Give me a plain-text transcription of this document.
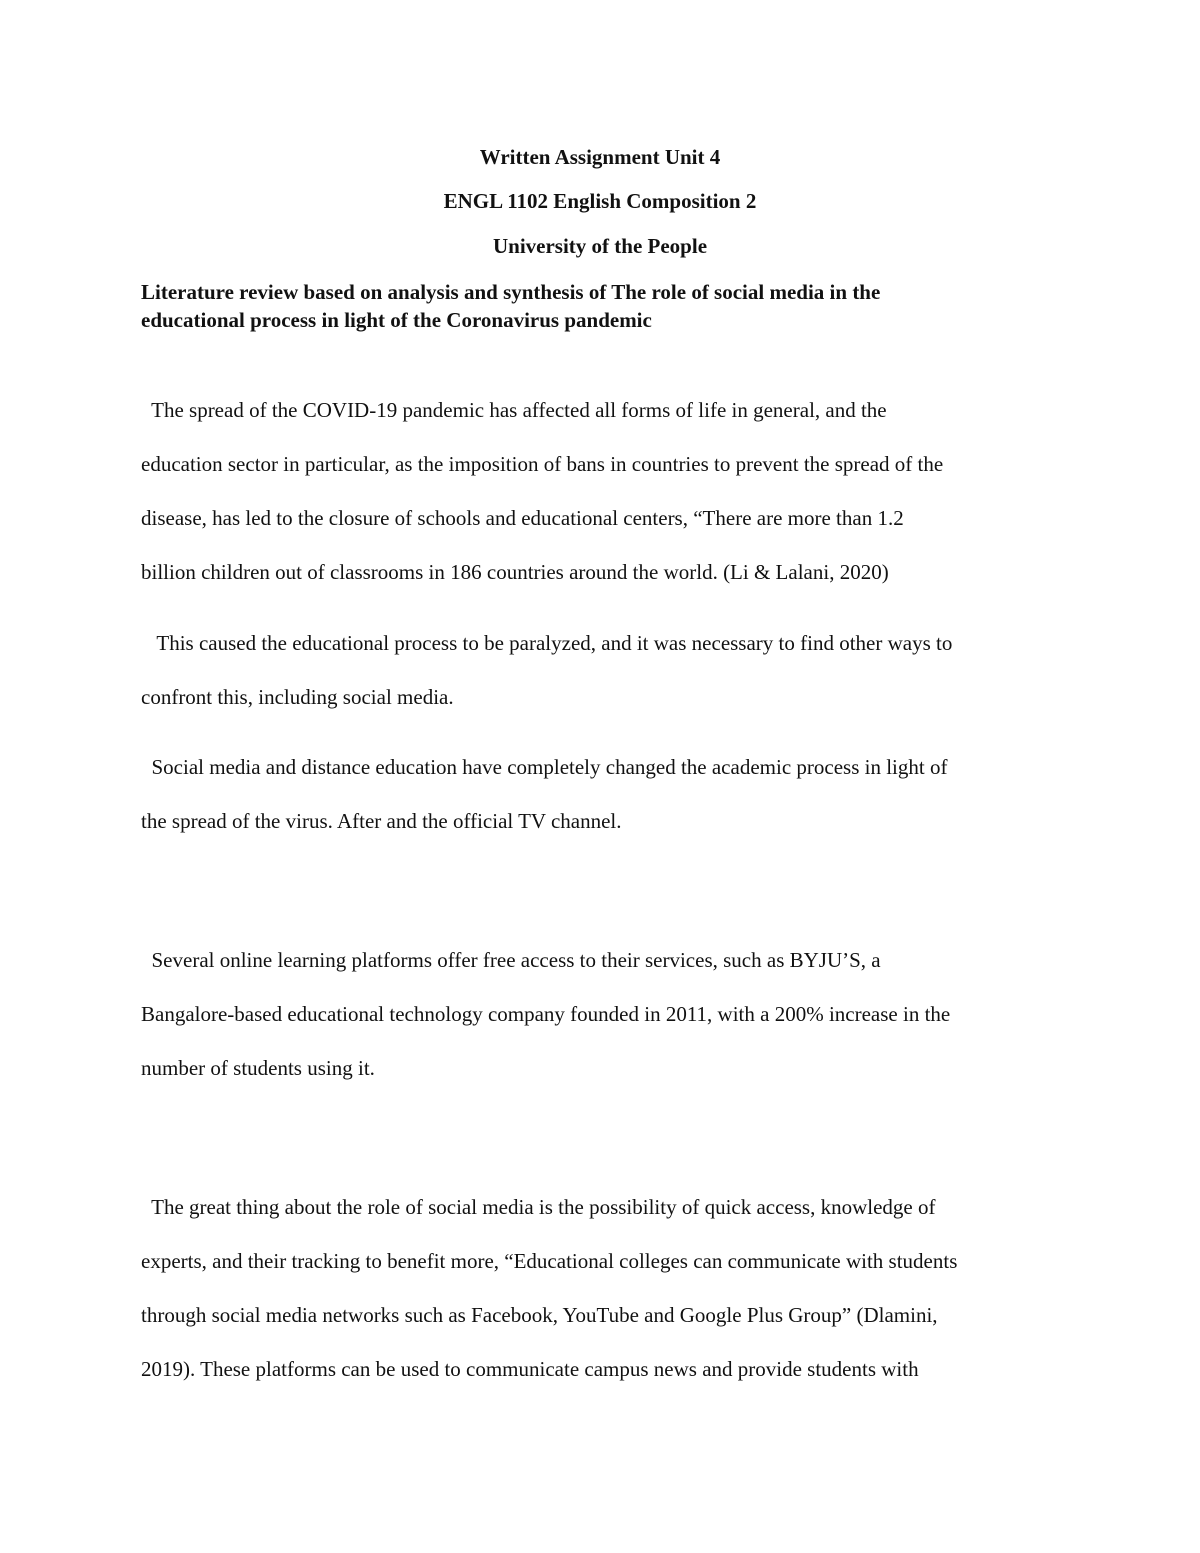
Written Assignment Unit 4

ENGL 1102 English Composition 2

University of the People

Literature review based on analysis and synthesis of The role of social media in the
educational process in light of the Coronavirus pandemic
The spread of the COVID-19 pandemic has affected all forms of life in general, and the
education sector in particular, as the imposition of bans in countries to prevent the spread of the
disease, has led to the closure of schools and educational centers, “There are more than 1.2
billion children out of classrooms in 186 countries around the world. (Li & Lalani, 2020)
This caused the educational process to be paralyzed, and it was necessary to find other ways to
confront this, including social media.
Social media and distance education have completely changed the academic process in light of
the spread of the virus. After and the official TV channel.
Several online learning platforms offer free access to their services, such as BYJU’S, a
Bangalore-based educational technology company founded in 2011, with a 200% increase in the
number of students using it.
The great thing about the role of social media is the possibility of quick access, knowledge of
experts, and their tracking to benefit more, “Educational colleges can communicate with students
through social media networks such as Facebook, YouTube and Google Plus Group” (Dlamini,
2019). These platforms can be used to communicate campus news and provide students with
